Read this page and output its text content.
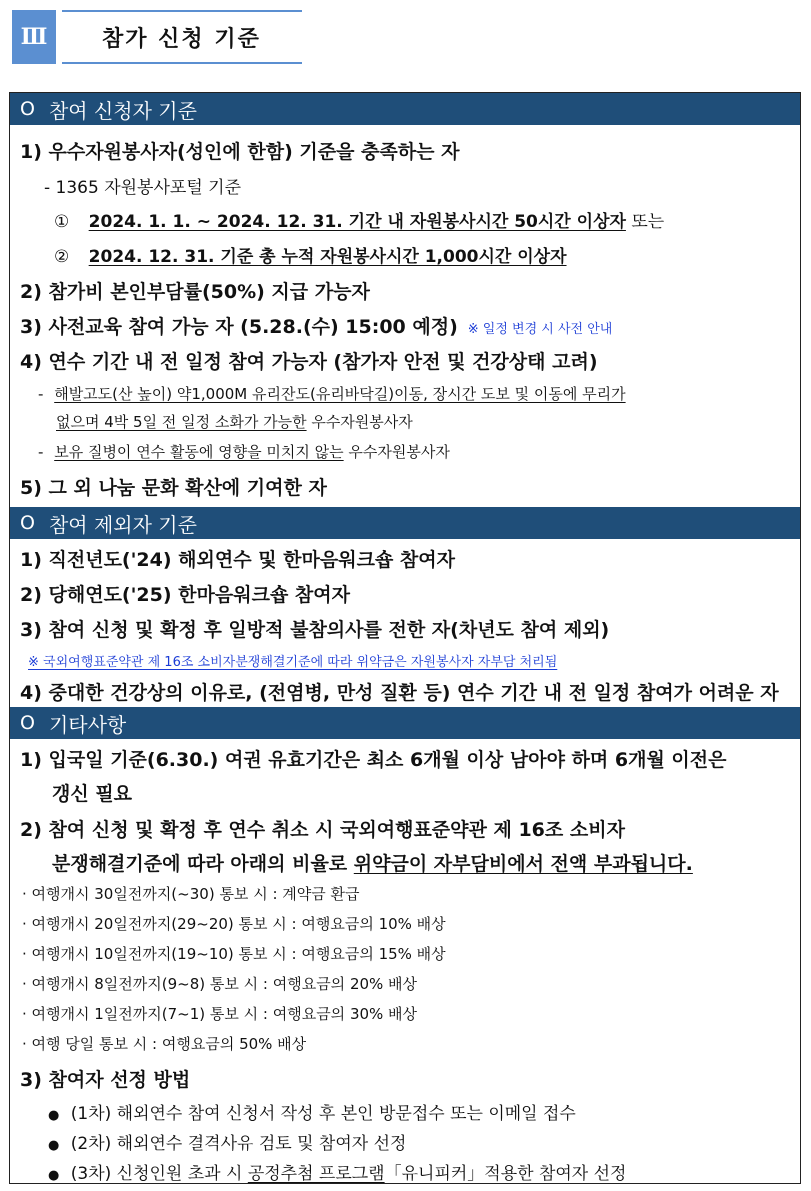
Ⅲ	참가 신청 기준
O 참여 신청자 기준
1) 우수자원봉사자(성인에 한함) 기준을 충족하는 자
- 1365 자원봉사포털 기준
① 2024. 1. 1. ~ 2024. 12. 31. 기간 내 자원봉사시간 50시간 이상자 또는
② 2024. 12. 31. 기준 총 누적 자원봉사시간 1,000시간 이상자
2) 참가비 본인부담률(50%) 지급 가능자
3) 사전교육 참여 가능 자 (5.28.(수) 15:00 예정) ※ 일정 변경 시 사전 안내
4) 연수 기간 내 전 일정 참여 가능자 (참가자 안전 및 건강상태 고려)
- 해발고도(산 높이) 약1,000M 유리잔도(유리바닥길)이동, 장시간 도보 및 이동에 무리가
없으며 4박 5일 전 일정 소화가 가능한 우수자원봉사자
- 보유 질병이 연수 활동에 영향을 미치지 않는 우수자원봉사자
5) 그 외 나눔 문화 확산에 기여한 자
O 참여 제외자 기준
1) 직전년도('24) 해외연수 및 한마음워크숍 참여자
2) 당해연도('25) 한마음워크숍 참여자
3) 참여 신청 및 확정 후 일방적 불참의사를 전한 자(차년도 참여 제외)
※ 국외여행표준약관 제 16조 소비자분쟁해결기준에 따라 위약금은 자원봉사자 자부담 처리됨
4) 중대한 건강상의 이유로, (전염병, 만성 질환 등) 연수 기간 내 전 일정 참여가 어려운 자
O 기타사항
1) 입국일 기준(6.30.) 여권 유효기간은 최소 6개월 이상 남아야 하며 6개월 이전은
갱신 필요
2) 참여 신청 및 확정 후 연수 취소 시 국외여행표준약관 제 16조 소비자
분쟁해결기준에 따라 아래의 비율로 위약금이 자부담비에서 전액 부과됩니다.
· 여행개시 30일전까지(~30) 통보 시 : 계약금 환급
· 여행개시 20일전까지(29~20) 통보 시 : 여행요금의 10% 배상
· 여행개시 10일전까지(19~10) 통보 시 : 여행요금의 15% 배상
· 여행개시 8일전까지(9~8) 통보 시 : 여행요금의 20% 배상
· 여행개시 1일전까지(7~1) 통보 시 : 여행요금의 30% 배상
· 여행 당일 통보 시 : 여행요금의 50% 배상
3) 참여자 선정 방법
● (1차) 해외연수 참여 신청서 작성 후 본인 방문접수 또는 이메일 접수
● (2차) 해외연수 결격사유 검토 및 참여자 선정
● (3차) 신청인원 초과 시 공정추첨 프로그램「유니피커」적용한 참여자 선정
